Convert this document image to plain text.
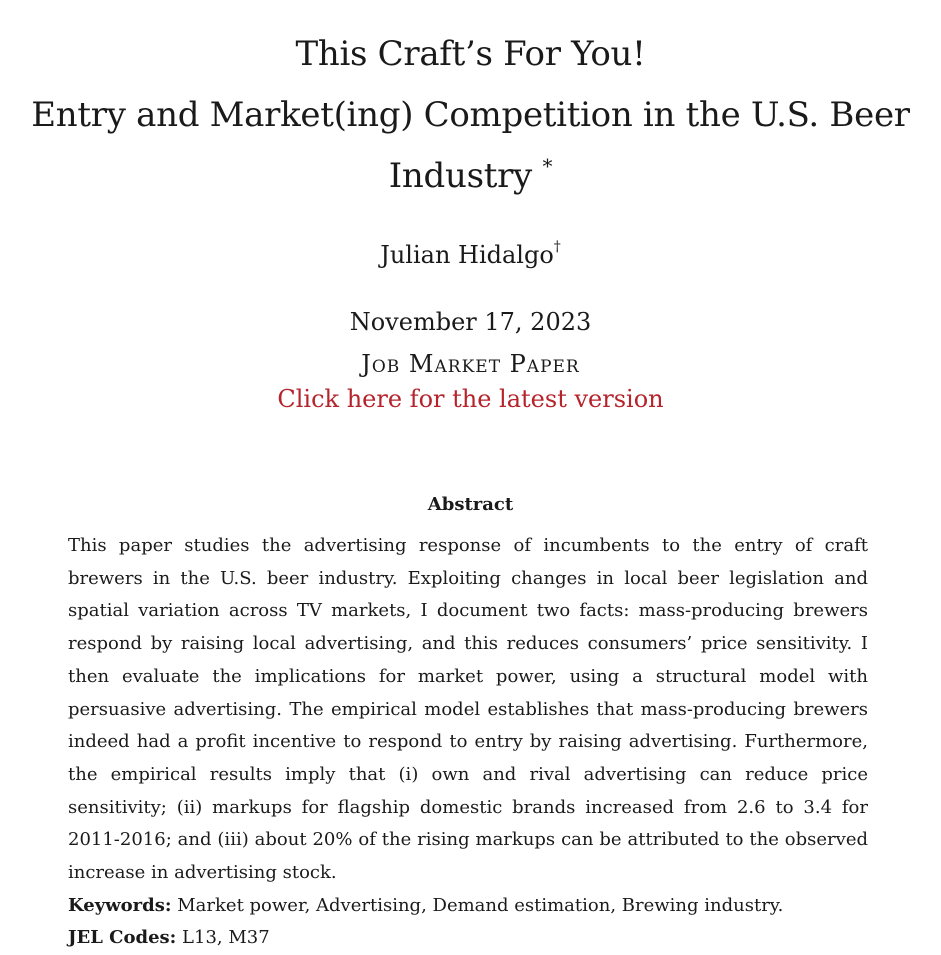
This Craft’s For You!
Entry and Market(ing) Competition in the U.S. Beer
Industry *
Julian Hidalgo†
November 17, 2023
Job Market Paper
Click here for the latest version
Abstract

This paper studies the advertising response of incumbents to the entry of craft brewers in the U.S. beer industry. Exploiting changes in local beer legislation and spatial variation across TV markets, I document two facts: mass-producing brewers respond by raising local advertising, and this reduces consumers’ price sensitivity. I then evaluate the implications for market power, using a structural model with persuasive advertising. The empirical model establishes that mass-producing brewers indeed had a profit incentive to respond to entry by raising advertising. Furthermore, the empirical results imply that (i) own and rival advertising can reduce price sensitivity; (ii) markups for flagship domestic brands increased from 2.6 to 3.4 for 2011-2016; and (iii) about 20% of the rising markups can be attributed to the observed increase in advertising stock.

Keywords: Market power, Advertising, Demand estimation, Brewing industry.

JEL Codes: L13, M37
